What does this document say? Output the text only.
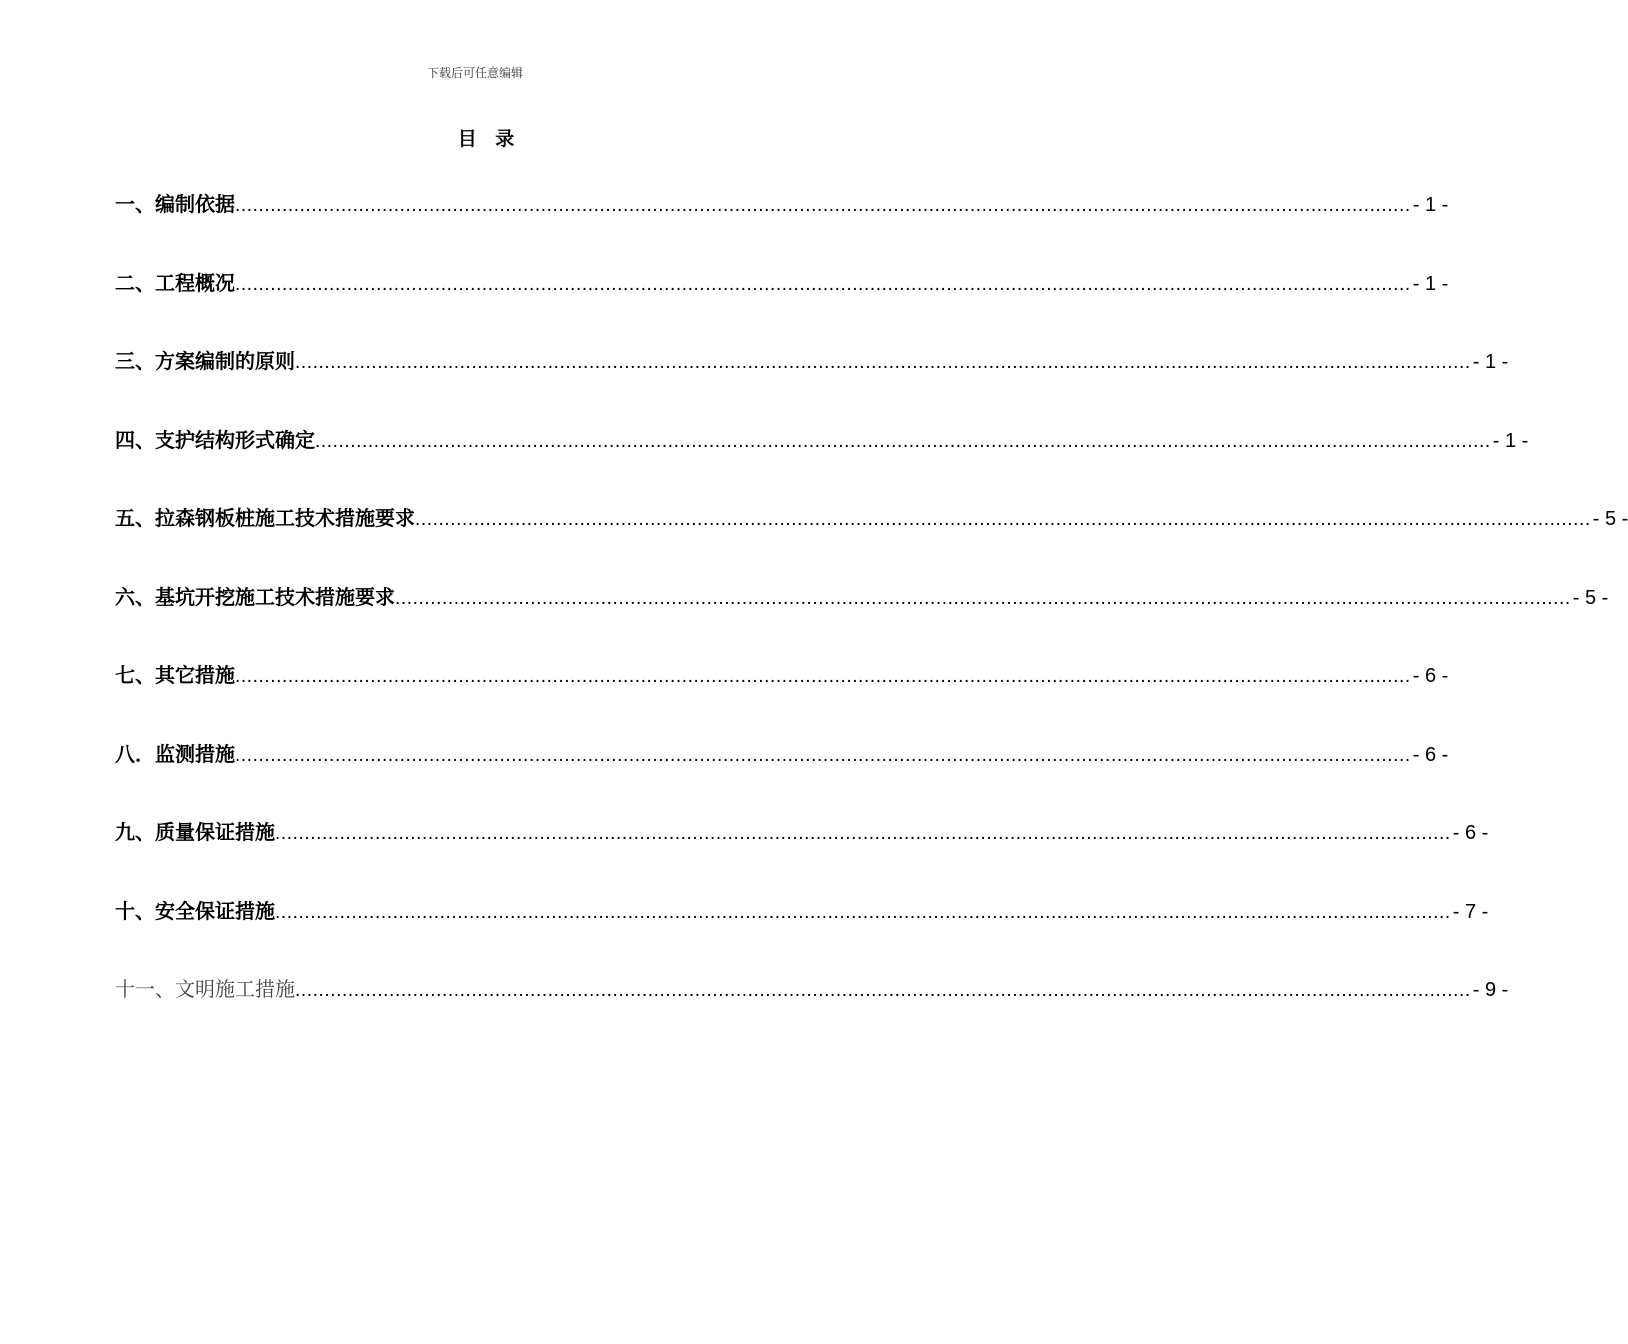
下载后可任意编辑
目 录
一、编制依据 ........................................................................................................................................................................................................ - 1 -
二、工程概况 ........................................................................................................................................................................................................ - 1 -
三、方案编制的原则 ........................................................................................................................................................................................................ - 1 -
四、支护结构形式确定 ........................................................................................................................................................................................................ - 1 -
五、拉森钢板桩施工技术措施要求 ........................................................................................................................................................................................................ - 5 -
六、基坑开挖施工技术措施要求 ........................................................................................................................................................................................................ - 5 -
七、其它措施 ........................................................................................................................................................................................................ - 6 -
八．监测措施 ........................................................................................................................................................................................................ - 6 -
九、质量保证措施 ........................................................................................................................................................................................................ - 6 -
十、安全保证措施 ........................................................................................................................................................................................................ - 7 -
十一、文明施工措施 ........................................................................................................................................................................................................ - 9 -
